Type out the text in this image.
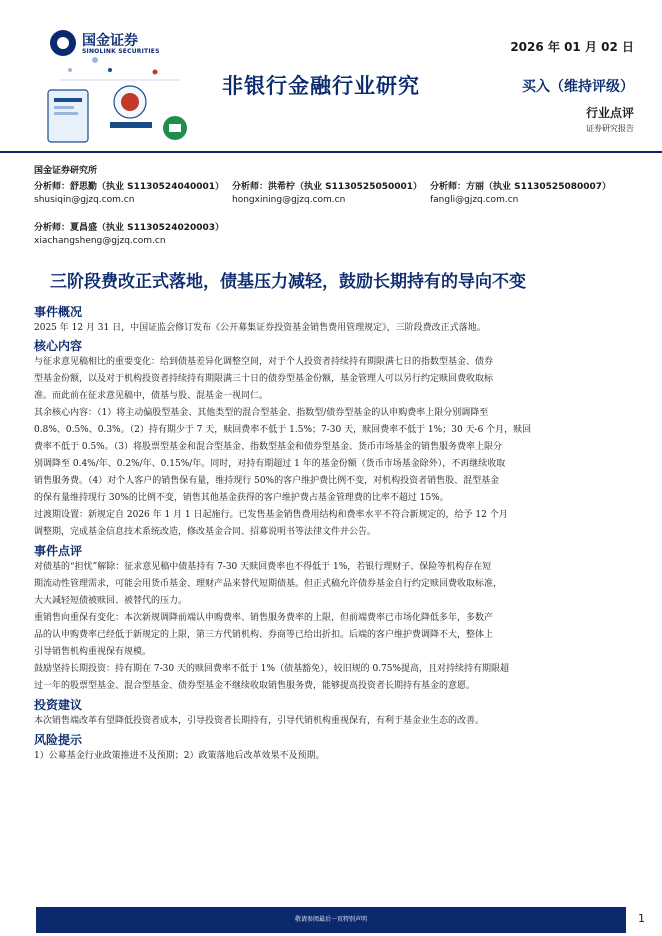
国金证券
SINOLINK SECURITIES	2026 年 01 月 02 日
非银行金融行业研究	买入（维持评级）
行业点评
证券研究报告
国金证券研究所
分析师：舒思勤（执业 S1130524040001）
shusiqin@gjzq.com.cn
分析师：洪希柠（执业 S1130525050001）
hongxining@gjzq.com.cn
分析师：方丽（执业 S1130525080007）
fangli@gjzq.com.cn
分析师：夏昌盛（执业 S1130524020003）
xiachangsheng@gjzq.com.cn
三阶段费改正式落地，债基压力减轻，鼓励长期持有的导向不变
事件概况
2025 年 12 月 31 日，中国证监会修订发布《公开募集证券投资基金销售费用管理规定》，三阶段费改正式落地。
核心内容
与征求意见稿相比的重要变化：给到债基差异化调整空间，对于个人投资者持续持有期限满七日的指数型基金、债券
型基金份额，以及对于机构投资者持续持有期限满三十日的债券型基金份额，基金管理人可以另行约定赎回费收取标
准。而此前在征求意见稿中，债基与股、混基金一视同仁。
其余核心内容：（1）将主动偏股型基金、其他类型的混合型基金、指数型/债券型基金的认申购费率上限分别调降至
0.8%、0.5%、0.3%。（2）持有期少于 7 天，赎回费率不低于 1.5%；7-30 天，赎回费率不低于 1%；30 天-6 个月，赎回
费率不低于 0.5%。（3）将股票型基金和混合型基金、指数型基金和债券型基金、货币市场基金的销售服务费率上限分
别调降至 0.4%/年、0.2%/年、0.15%/年。同时，对持有期超过 1 年的基金份额（货币市场基金除外），不再继续收取
销售服务费。（4）对个人客户的销售保有量，维持现行 50%的客户维护费比例不变，对机构投资者销售股、混型基金
的保有量维持现行 30%的比例不变，销售其他基金获得的客户维护费占基金管理费的比率不超过 15%。
过渡期设置：新规定自 2026 年 1 月 1 日起施行。已发售基金销售费用结构和费率水平不符合新规定的，给予 12 个月
调整期，完成基金信息技术系统改造，修改基金合同、招募说明书等法律文件并公告。
事件点评
对债基的“担忧”解除：征求意见稿中债基持有 7-30 天赎回费率也不得低于 1%，若银行理财子、保险等机构存在短
期流动性管理需求，可能会用货币基金、理财产品来替代短期债基。但正式稿允许债券基金自行约定赎回费收取标准，
大大减轻短债被赎回、被替代的压力。
重销售向重保有变化：本次新规调降前端认申购费率、销售服务费率的上限，但前端费率已市场化降低多年，多数产
品的认申购费率已经低于新规定的上限，第三方代销机构、券商等已给出折扣。后端的客户维护费调降不大，整体上
引导销售机构重视保有规模。
鼓励坚持长期投资：持有期在 7-30 天的赎回费率不低于 1%（债基豁免），较旧规的 0.75%提高，且对持续持有期限超
过一年的股票型基金、混合型基金、债券型基金不继续收取销售服务费，能够提高投资者长期持有基金的意愿。
投资建议
本次销售端改革有望降低投资者成本，引导投资者长期持有，引导代销机构重视保有，有利于基金业生态的改善。
风险提示
1）公募基金行业政策推进不及预期；2）政策落地后改革效果不及预期。
敬请参阅最后一页特别声明	1
